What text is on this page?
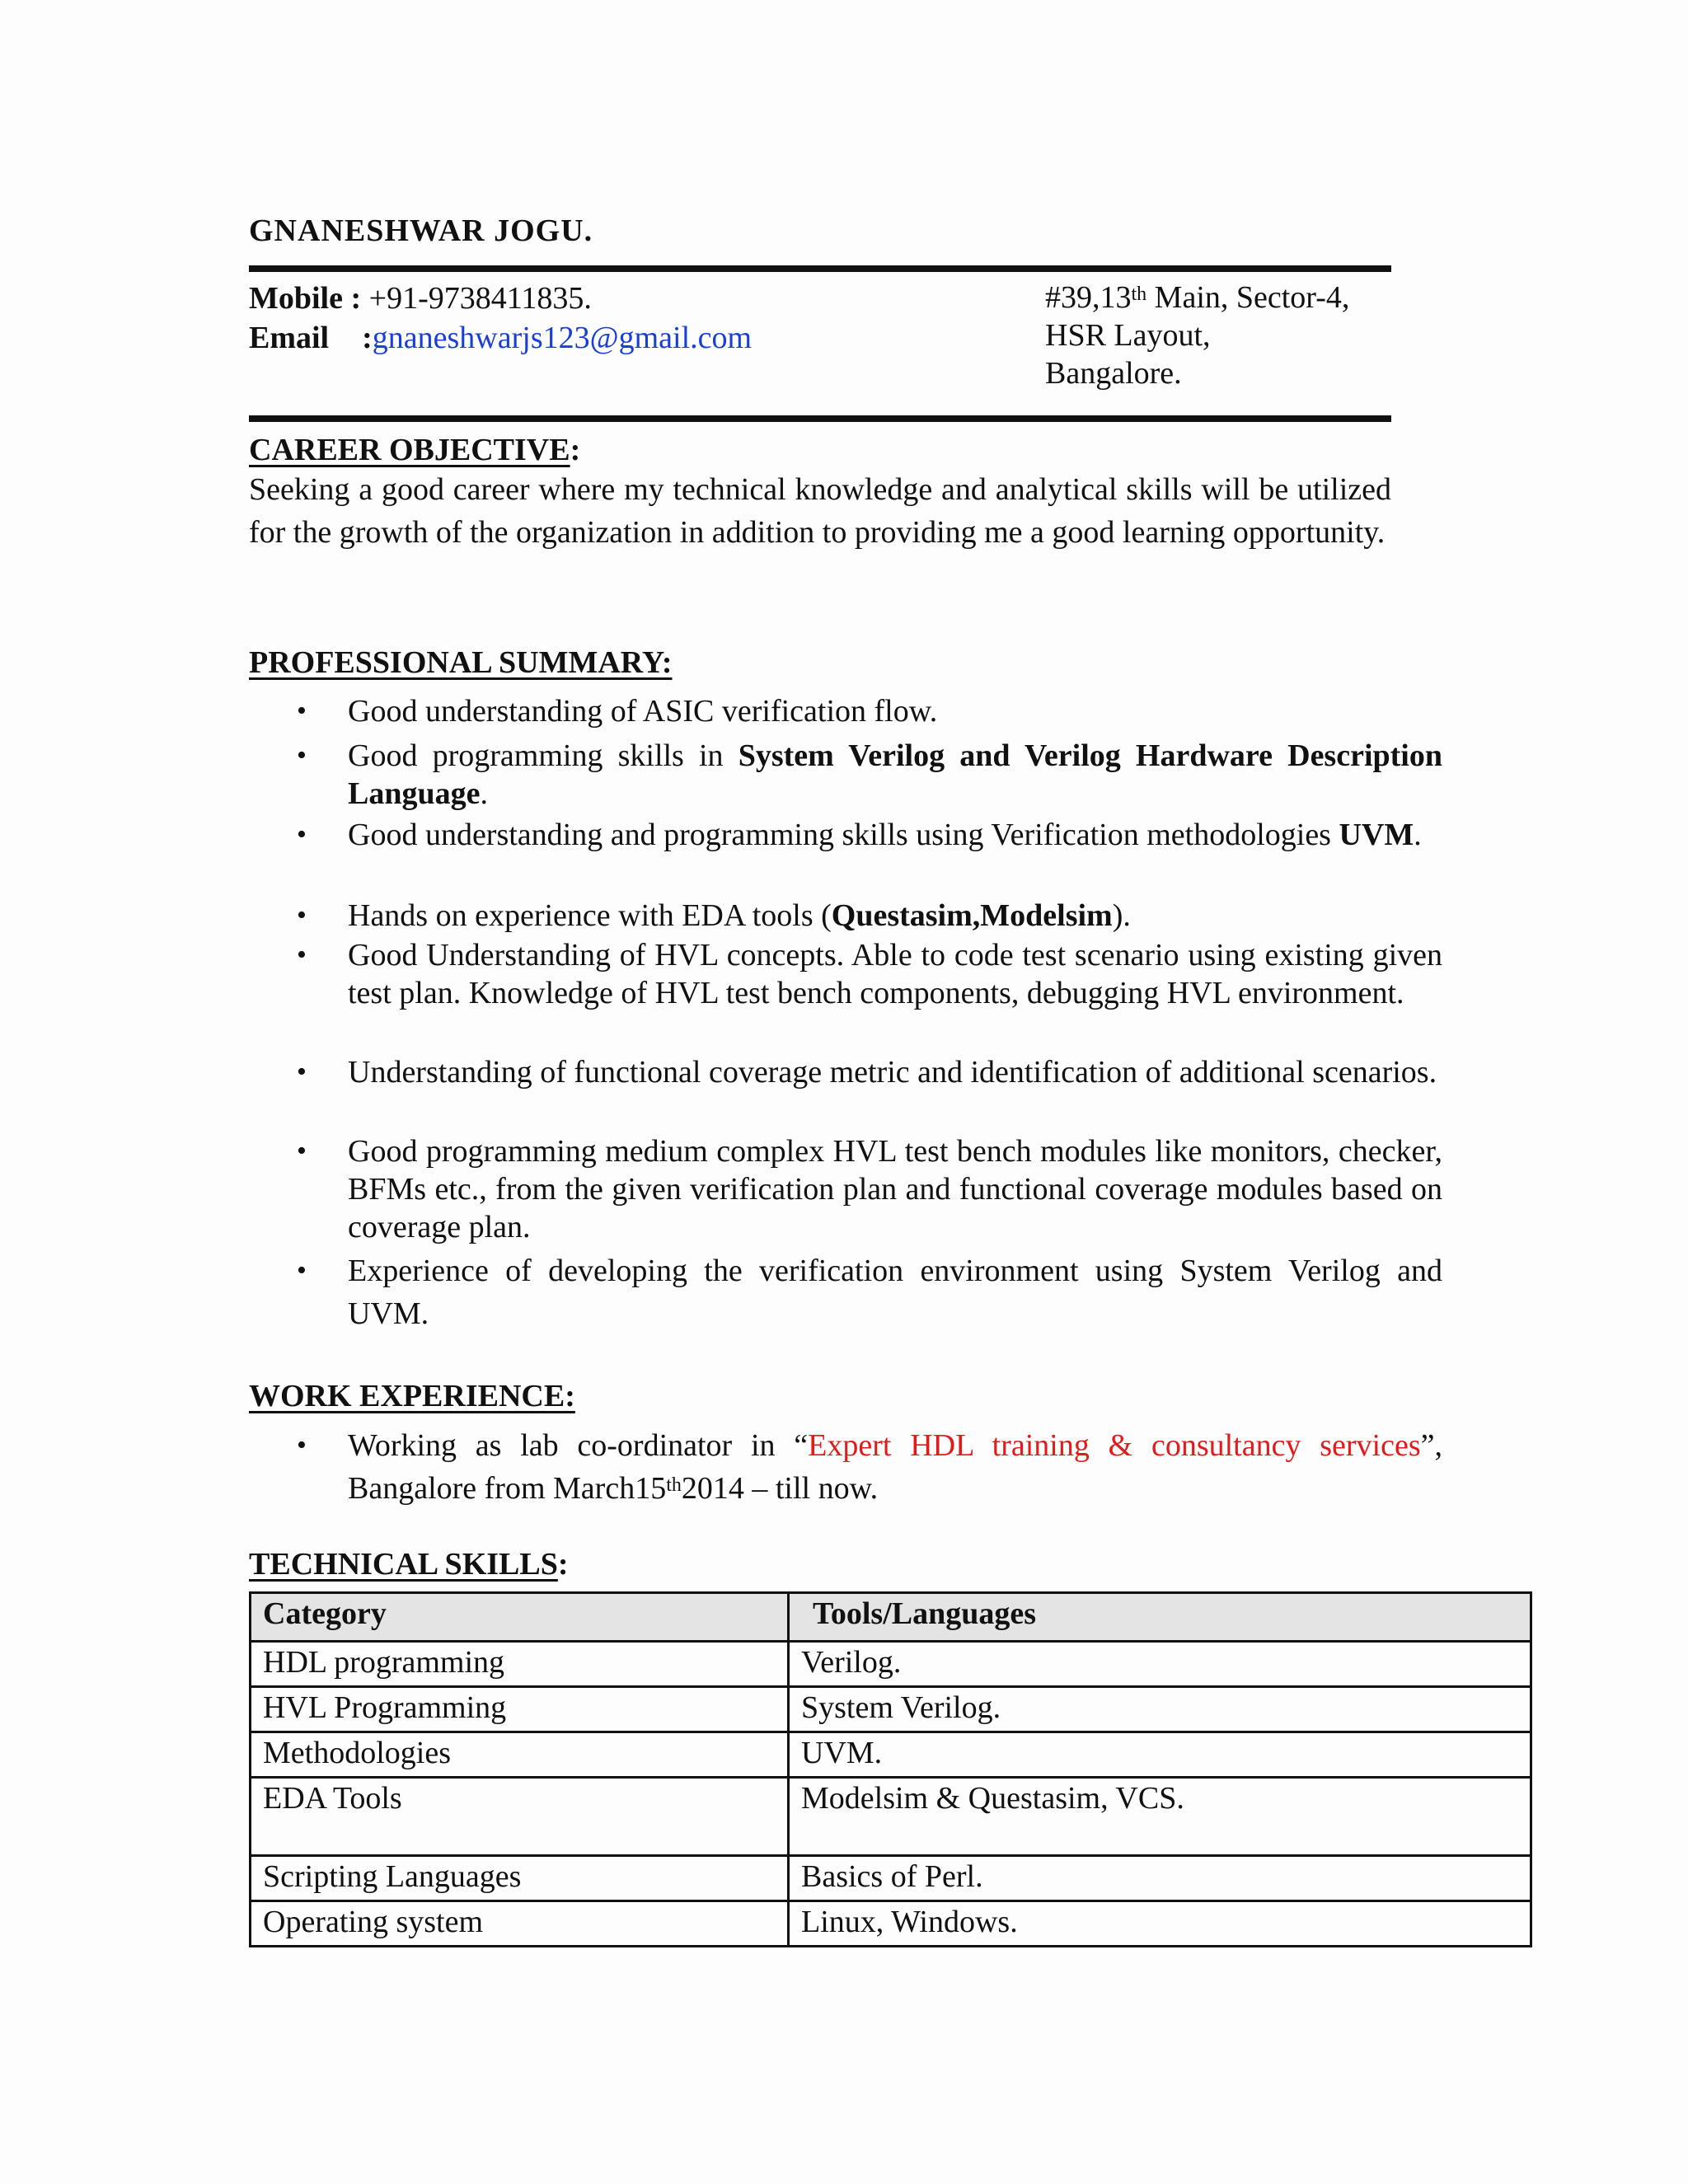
GNANESHWAR JOGU.
Mobile : +91-9738411835.
Email :gnaneshwarjs123@gmail.com
#39,13th Main, Sector-4,
HSR Layout,
Bangalore.
CAREER OBJECTIVE:
Seeking a good career where my technical knowledge and analytical skills will be utilized for the growth of the organization in addition to providing me a good learning opportunity.
PROFESSIONAL SUMMARY:
• Good understanding of ASIC verification flow.
• Good programming skills in System Verilog and Verilog Hardware Description Language.
• Good understanding and programming skills using Verification methodologies UVM.
• Hands on experience with EDA tools (Questasim,Modelsim).
• Good Understanding of HVL concepts. Able to code test scenario using existing given test plan. Knowledge of HVL test bench components, debugging HVL environment.
• Understanding of functional coverage metric and identification of additional scenarios.
• Good programming medium complex HVL test bench modules like monitors, checker, BFMs etc., from the given verification plan and functional coverage modules based on coverage plan.
• Experience of developing the verification environment using System Verilog and UVM.
WORK EXPERIENCE:
• Working as lab co-ordinator in “Expert HDL training & consultancy services”, Bangalore from March15th2014 – till now.
TECHNICAL SKILLS:
Category	Tools/Languages
HDL programming	Verilog.
HVL Programming	System Verilog.
Methodologies	UVM.
EDA Tools	Modelsim & Questasim, VCS.
Scripting Languages	Basics of Perl.
Operating system	Linux, Windows.
